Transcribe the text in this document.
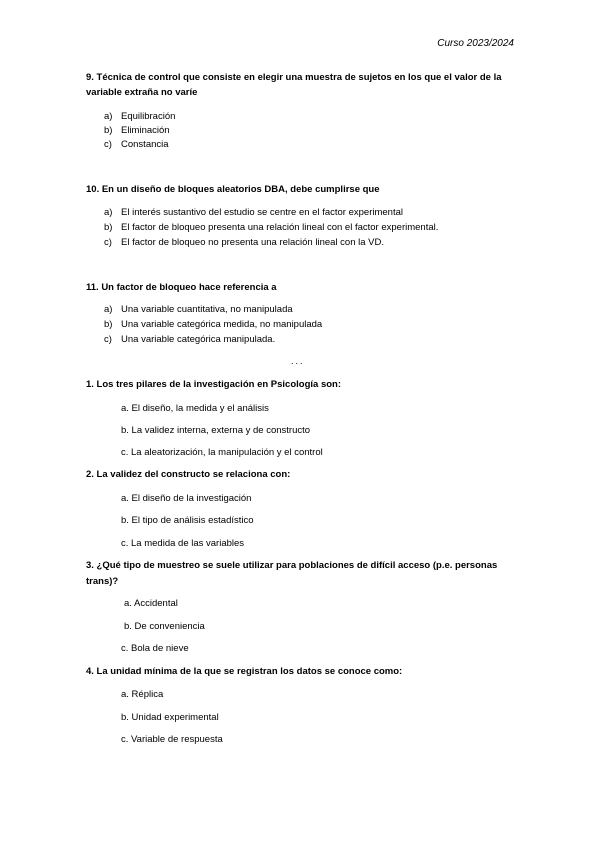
Curso 2023/2024
9. Técnica de control que consiste en elegir una muestra de sujetos en los que el valor de la variable extraña no varíe
a) Equilibración
b) Eliminación
c) Constancia
10. En un diseño de bloques aleatorios DBA, debe cumplirse que
a) El interés sustantivo del estudio se centre en el factor experimental
b) El factor de bloqueo presenta una relación lineal con el factor experimental.
c) El factor de bloqueo no presenta una relación lineal con la VD.
11. Un factor de bloqueo hace referencia a
a) Una variable cuantitativa, no manipulada
b) Una variable categórica medida, no manipulada
c) Una variable categórica manipulada.
...
1. Los tres pilares de la investigación en Psicología son:
a. El diseño, la medida y el análisis
b. La validez interna, externa y de constructo
c. La aleatorización, la manipulación y el control
2. La validez del constructo se relaciona con:
a. El diseño de la investigación
b. El tipo de análisis estadístico
c. La medida de las variables
3. ¿Qué tipo de muestreo se suele utilizar para poblaciones de difícil acceso (p.e. personas
trans)?
a. Accidental
b. De conveniencia
c. Bola de nieve
4. La unidad mínima de la que se registran los datos se conoce como:
a. Réplica
b. Unidad experimental
c. Variable de respuesta
